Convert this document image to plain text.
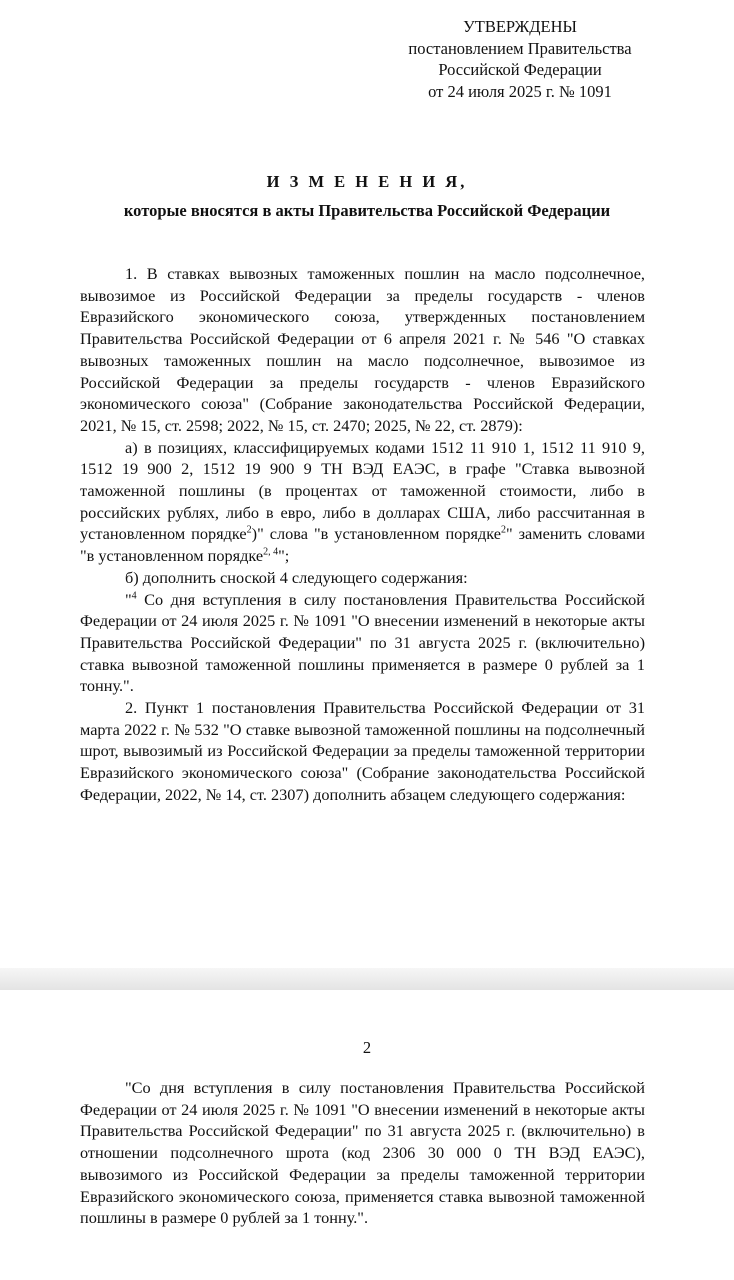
УТВЕРЖДЕНЫ
постановлением Правительства
Российской Федерации
от 24 июля 2025 г. № 1091
И З М Е Н Е Н И Я,
которые вносятся в акты Правительства Российской Федерации

1. В ставках вывозных таможенных пошлин на масло подсолнечное, вывозимое из Российской Федерации за пределы государств - членов Евразийского экономического союза, утвержденных постановлением Правительства Российской Федерации от 6 апреля 2021 г. № 546 "О ставках вывозных таможенных пошлин на масло подсолнечное, вывозимое из Российской Федерации за пределы государств - членов Евразийского экономического союза" (Собрание законодательства Российской Федерации, 2021, № 15, ст. 2598; 2022, № 15, ст. 2470; 2025, № 22, ст. 2879):

а) в позициях, классифицируемых кодами 1512 11 910 1, 1512 11 910 9, 1512 19 900 2, 1512 19 900 9 ТН ВЭД ЕАЭС, в графе "Ставка вывозной таможенной пошлины (в процентах от таможенной стоимости, либо в российских рублях, либо в евро, либо в долларах США, либо рассчитанная в установленном порядке$^2$)" слова "в установленном порядке$^2$" заменить словами "в установленном порядке$^{2, 4}$";

б) дополнить сноской 4 следующего содержания:

"$^4$ Со дня вступления в силу постановления Правительства Российской Федерации от 24 июля 2025 г. № 1091 "О внесении изменений в некоторые акты Правительства Российской Федерации" по 31 августа 2025 г. (включительно) ставка вывозной таможенной пошлины применяется в размере 0 рублей за 1 тонну.".

2. Пункт 1 постановления Правительства Российской Федерации от 31 марта 2022 г. № 532 "О ставке вывозной таможенной пошлины на подсолнечный шрот, вывозимый из Российской Федерации за пределы таможенной территории Евразийского экономического союза" (Собрание законодательства Российской Федерации, 2022, № 14, ст. 2307) дополнить абзацем следующего содержания:

2

"Со дня вступления в силу постановления Правительства Российской Федерации от 24 июля 2025 г. № 1091 "О внесении изменений в некоторые акты Правительства Российской Федерации" по 31 августа 2025 г. (включительно) в отношении подсолнечного шрота (код 2306 30 000 0 ТН ВЭД ЕАЭС), вывозимого из Российской Федерации за пределы таможенной территории Евразийского экономического союза, применяется ставка вывозной таможенной пошлины в размере 0 рублей за 1 тонну.".
